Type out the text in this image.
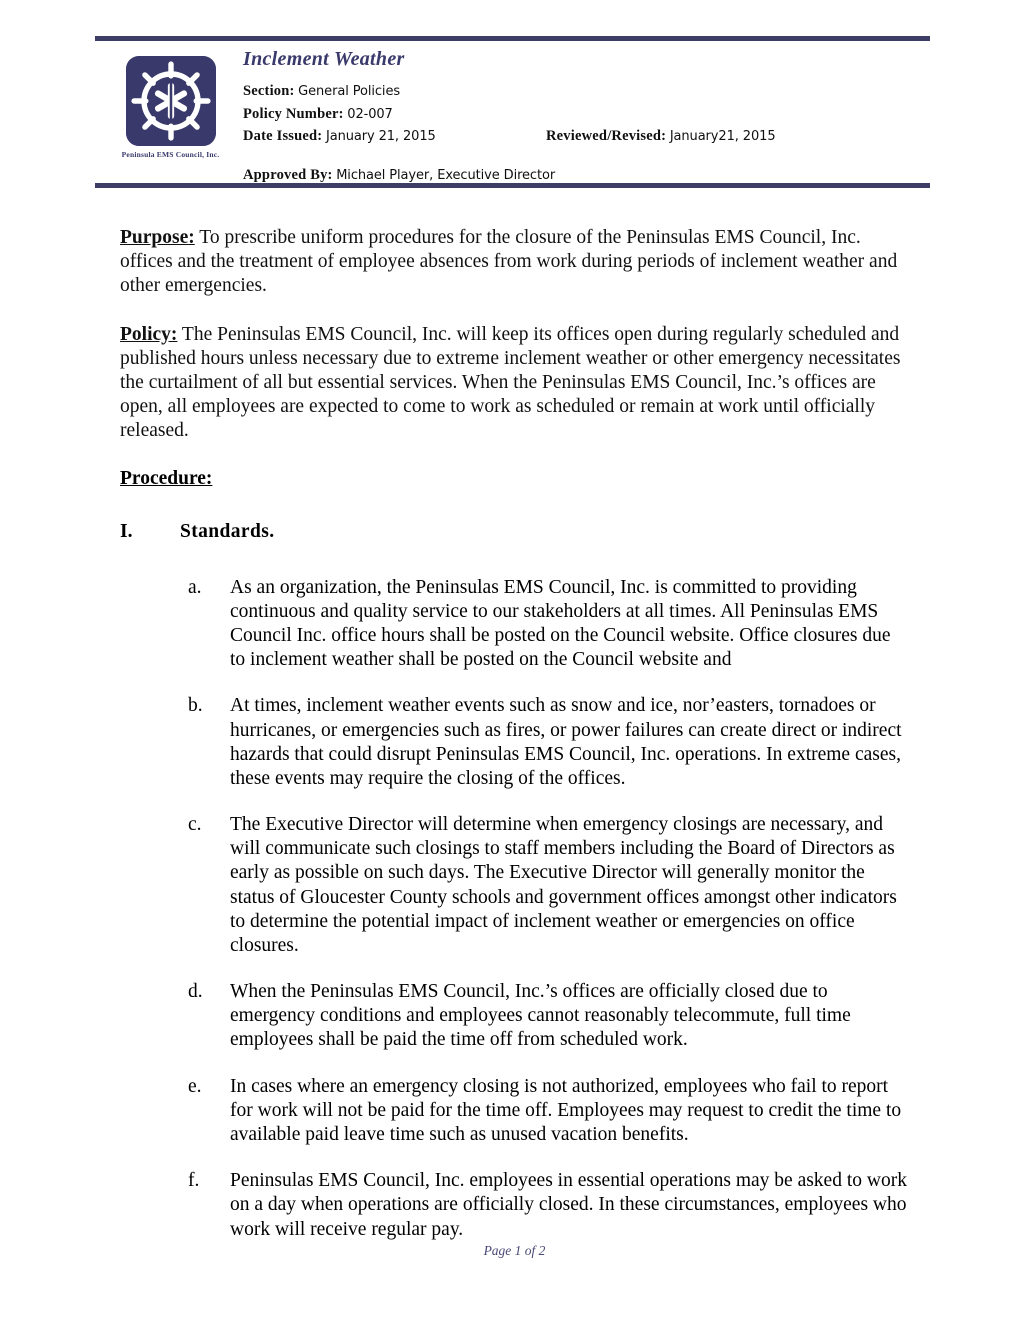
Peninsula EMS Council, Inc.
Inclement Weather
Section: General Policies
Policy Number: 02-007
Date Issued: January 21, 2015	Reviewed/Revised: January21, 2015
Approved By: Michael Player, Executive Director

Purpose: To prescribe uniform procedures for the closure of the Peninsulas EMS Council, Inc. offices and the treatment of employee absences from work during periods of inclement weather and other emergencies.

Policy: The Peninsulas EMS Council, Inc. will keep its offices open during regularly scheduled and published hours unless necessary due to extreme inclement weather or other emergency necessitates the curtailment of all but essential services. When the Peninsulas EMS Council, Inc.’s offices are open, all employees are expected to come to work as scheduled or remain at work until officially released.

Procedure:
I.	Standards.
a.	As an organization, the Peninsulas EMS Council, Inc. is committed to providing continuous and quality service to our stakeholders at all times. All Peninsulas EMS Council Inc. office hours shall be posted on the Council website. Office closures due to inclement weather shall be posted on the Council website and
b.	At times, inclement weather events such as snow and ice, nor’easters, tornadoes or hurricanes, or emergencies such as fires, or power failures can create direct or indirect hazards that could disrupt Peninsulas EMS Council, Inc. operations. In extreme cases, these events may require the closing of the offices.
c.	The Executive Director will determine when emergency closings are necessary, and will communicate such closings to staff members including the Board of Directors as early as possible on such days. The Executive Director will generally monitor the status of Gloucester County schools and government offices amongst other indicators to determine the potential impact of inclement weather or emergencies on office closures.
d.	When the Peninsulas EMS Council, Inc.’s offices are officially closed due to emergency conditions and employees cannot reasonably telecommute, full time employees shall be paid the time off from scheduled work.
e.	In cases where an emergency closing is not authorized, employees who fail to report for work will not be paid for the time off. Employees may request to credit the time to available paid leave time such as unused vacation benefits.
f.	Peninsulas EMS Council, Inc. employees in essential operations may be asked to work on a day when operations are officially closed. In these circumstances, employees who work will receive regular pay.
Page 1 of 2
